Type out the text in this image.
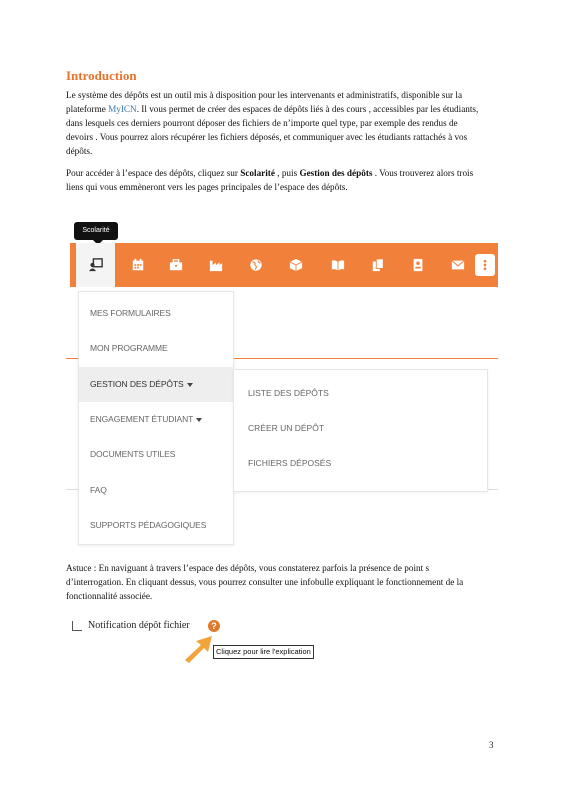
Introduction

Le système des dépôts est un outil mis à disposition pour les intervenants et administratifs, disponible sur la plateforme MyICN. Il vous permet de créer des espaces de dépôts liés à des cours , accessibles par les étudiants, dans lesquels ces derniers pourront déposer des fichiers de n’importe quel type, par exemple des rendus de devoirs . Vous pourrez alors récupérer les fichiers déposés, et communiquer avec les étudiants rattachés à vos dépôts.

Pour accéder à l’espace des dépôts, cliquez sur Scolarité , puis Gestion des dépôts . Vous trouverez alors trois liens qui vous emmèneront vers les pages principales de l’espace des dépôts.

Scolarité
MES FORMULAIRES
MON PROGRAMME
GESTION DES DÉPÔTS
ENGAGEMENT ÉTUDIANT
DOCUMENTS UTILES
FAQ
SUPPORTS PÉDAGOGIQUES
LISTE DES DÉPÔTS
CRÉER UN DÉPÔT
FICHIERS DÉPOSÉS

Astuce : En naviguant à travers l’espace des dépôts, vous constaterez parfois la présence de point s d’interrogation. En cliquant dessus, vous pourrez consulter une infobulle expliquant le fonctionnement de la fonctionnalité associée.

Notification dépôt fichier	?
Cliquez pour lire l'explication
3
